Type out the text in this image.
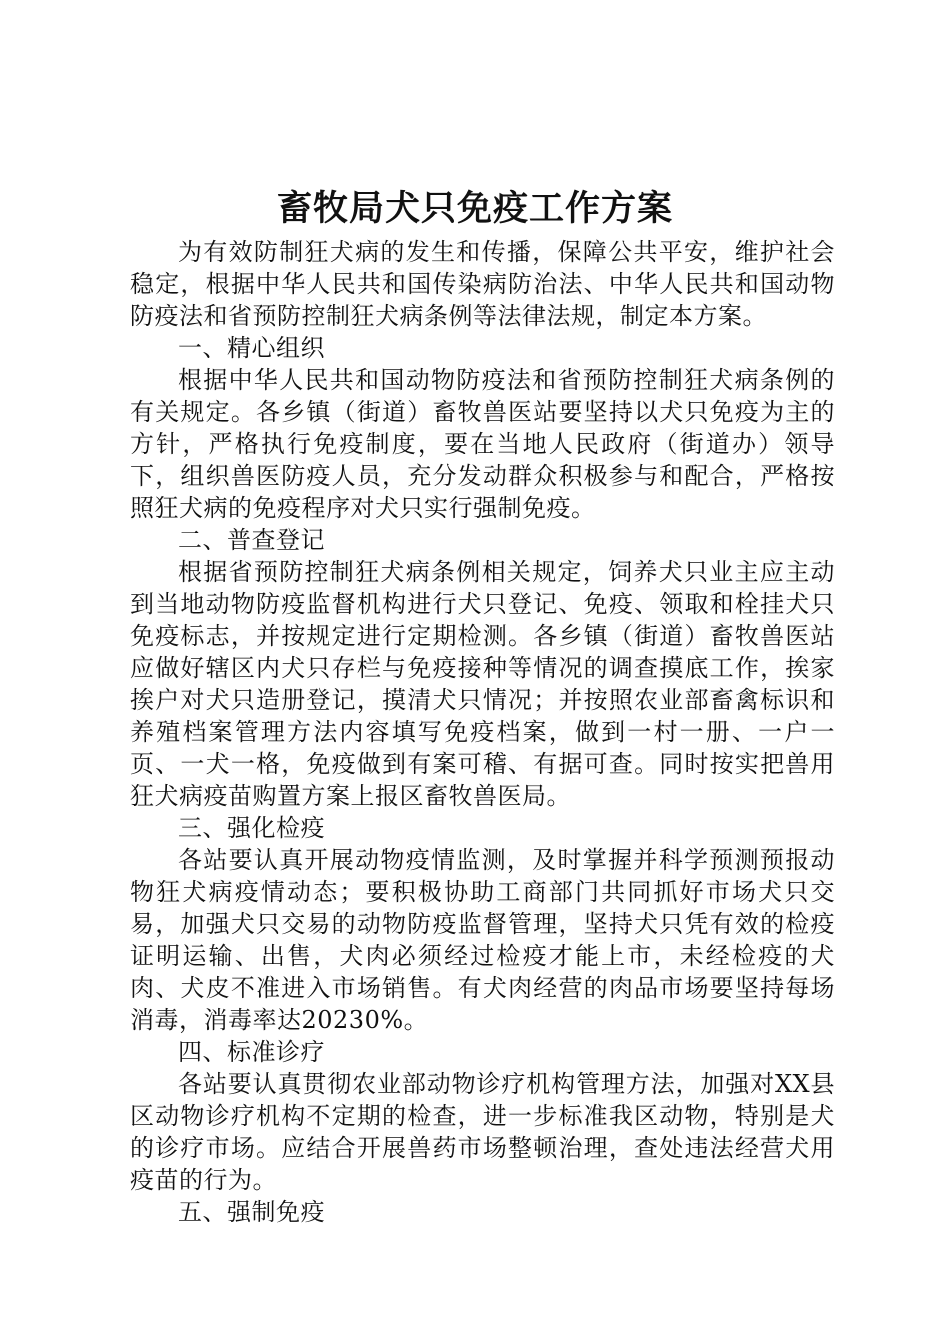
畜牧局犬只免疫工作方案

为有效防制狂犬病的发生和传播，保障公共平安，维护社会稳定，根据中华人民共和国传染病防治法、中华人民共和国动物防疫法和省预防控制狂犬病条例等法律法规，制定本方案。

一、精心组织

根据中华人民共和国动物防疫法和省预防控制狂犬病条例的有关规定。各乡镇（街道）畜牧兽医站要坚持以犬只免疫为主的方针，严格执行免疫制度，要在当地人民政府（街道办）领导下，组织兽医防疫人员，充分发动群众积极参与和配合，严格按照狂犬病的免疫程序对犬只实行强制免疫。

二、普查登记

根据省预防控制狂犬病条例相关规定，饲养犬只业主应主动到当地动物防疫监督机构进行犬只登记、免疫、领取和栓挂犬只免疫标志，并按规定进行定期检测。各乡镇（街道）畜牧兽医站应做好辖区内犬只存栏与免疫接种等情况的调查摸底工作，挨家挨户对犬只造册登记，摸清犬只情况；并按照农业部畜禽标识和养殖档案管理方法内容填写免疫档案，做到一村一册、一户一页、一犬一格，免疫做到有案可稽、有据可查。同时按实把兽用狂犬病疫苗购置方案上报区畜牧兽医局。

三、强化检疫

各站要认真开展动物疫情监测，及时掌握并科学预测预报动物狂犬病疫情动态；要积极协助工商部门共同抓好市场犬只交易，加强犬只交易的动物防疫监督管理，坚持犬只凭有效的检疫证明运输、出售，犬肉必须经过检疫才能上市，未经检疫的犬肉、犬皮不准进入市场销售。有犬肉经营的肉品市场要坚持每场消毒，消毒率达20230%。

四、标准诊疗

各站要认真贯彻农业部动物诊疗机构管理方法，加强对XX县区动物诊疗机构不定期的检查，进一步标准我区动物，特别是犬的诊疗市场。应结合开展兽药市场整顿治理，查处违法经营犬用疫苗的行为。

五、强制免疫
